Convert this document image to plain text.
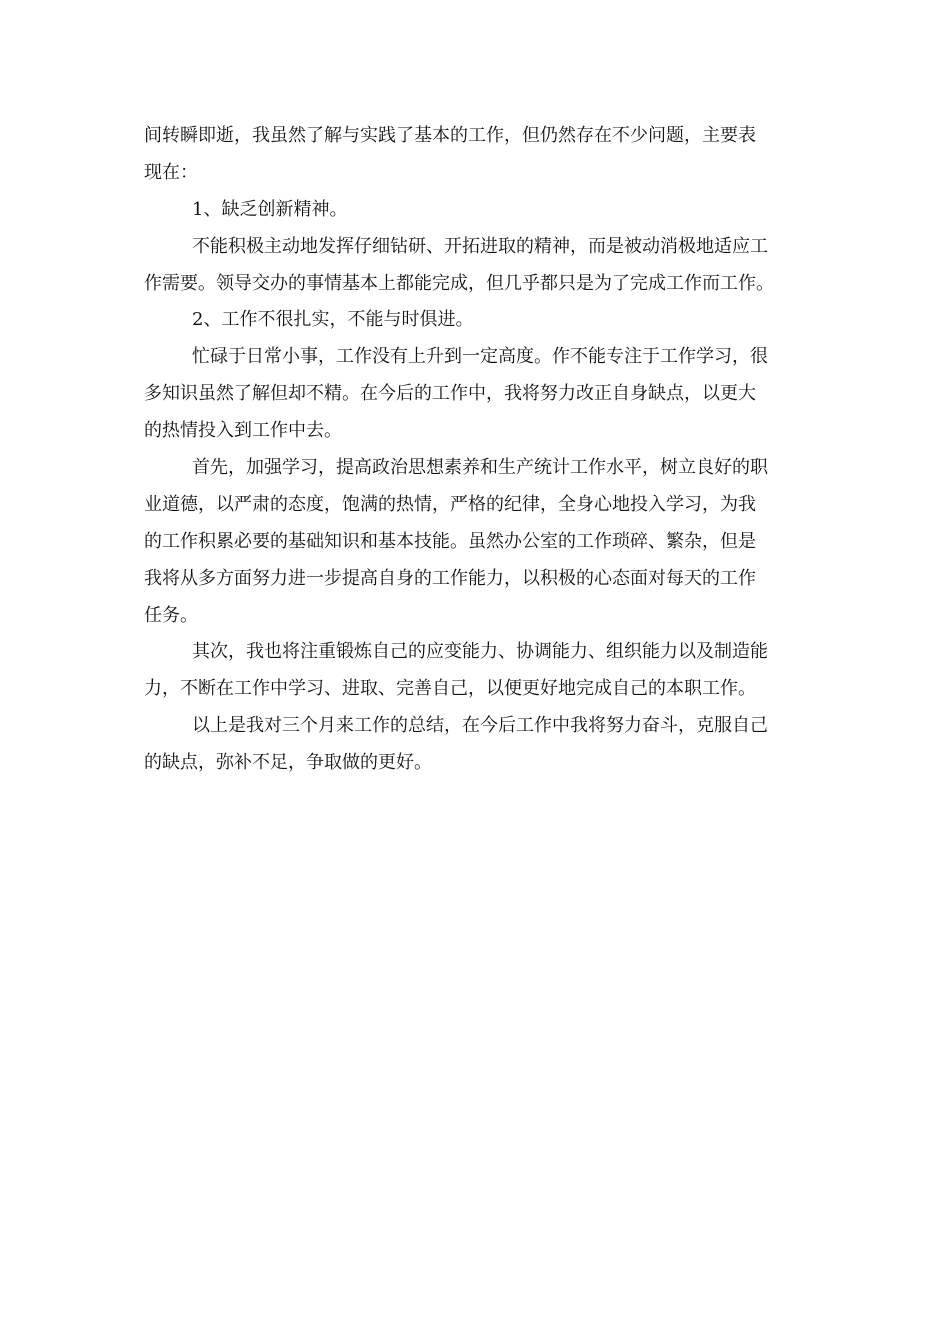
间转瞬即逝，我虽然了解与实践了基本的工作，但仍然存在不少问题，主要表
现在：
1、缺乏创新精神。
不能积极主动地发挥仔细钻研、开拓进取的精神，而是被动消极地适应工
作需要。领导交办的事情基本上都能完成，但几乎都只是为了完成工作而工作。
2、工作不很扎实，不能与时俱进。
忙碌于日常小事，工作没有上升到一定高度。作不能专注于工作学习，很
多知识虽然了解但却不精。在今后的工作中，我将努力改正自身缺点，以更大
的热情投入到工作中去。
首先，加强学习，提高政治思想素养和生产统计工作水平，树立良好的职
业道德，以严肃的态度，饱满的热情，严格的纪律，全身心地投入学习，为我
的工作积累必要的基础知识和基本技能。虽然办公室的工作琐碎、繁杂，但是
我将从多方面努力进一步提高自身的工作能力，以积极的心态面对每天的工作
任务。
其次，我也将注重锻炼自己的应变能力、协调能力、组织能力以及制造能
力，不断在工作中学习、进取、完善自己，以便更好地完成自己的本职工作。
以上是我对三个月来工作的总结，在今后工作中我将努力奋斗，克服自己
的缺点，弥补不足，争取做的更好。
